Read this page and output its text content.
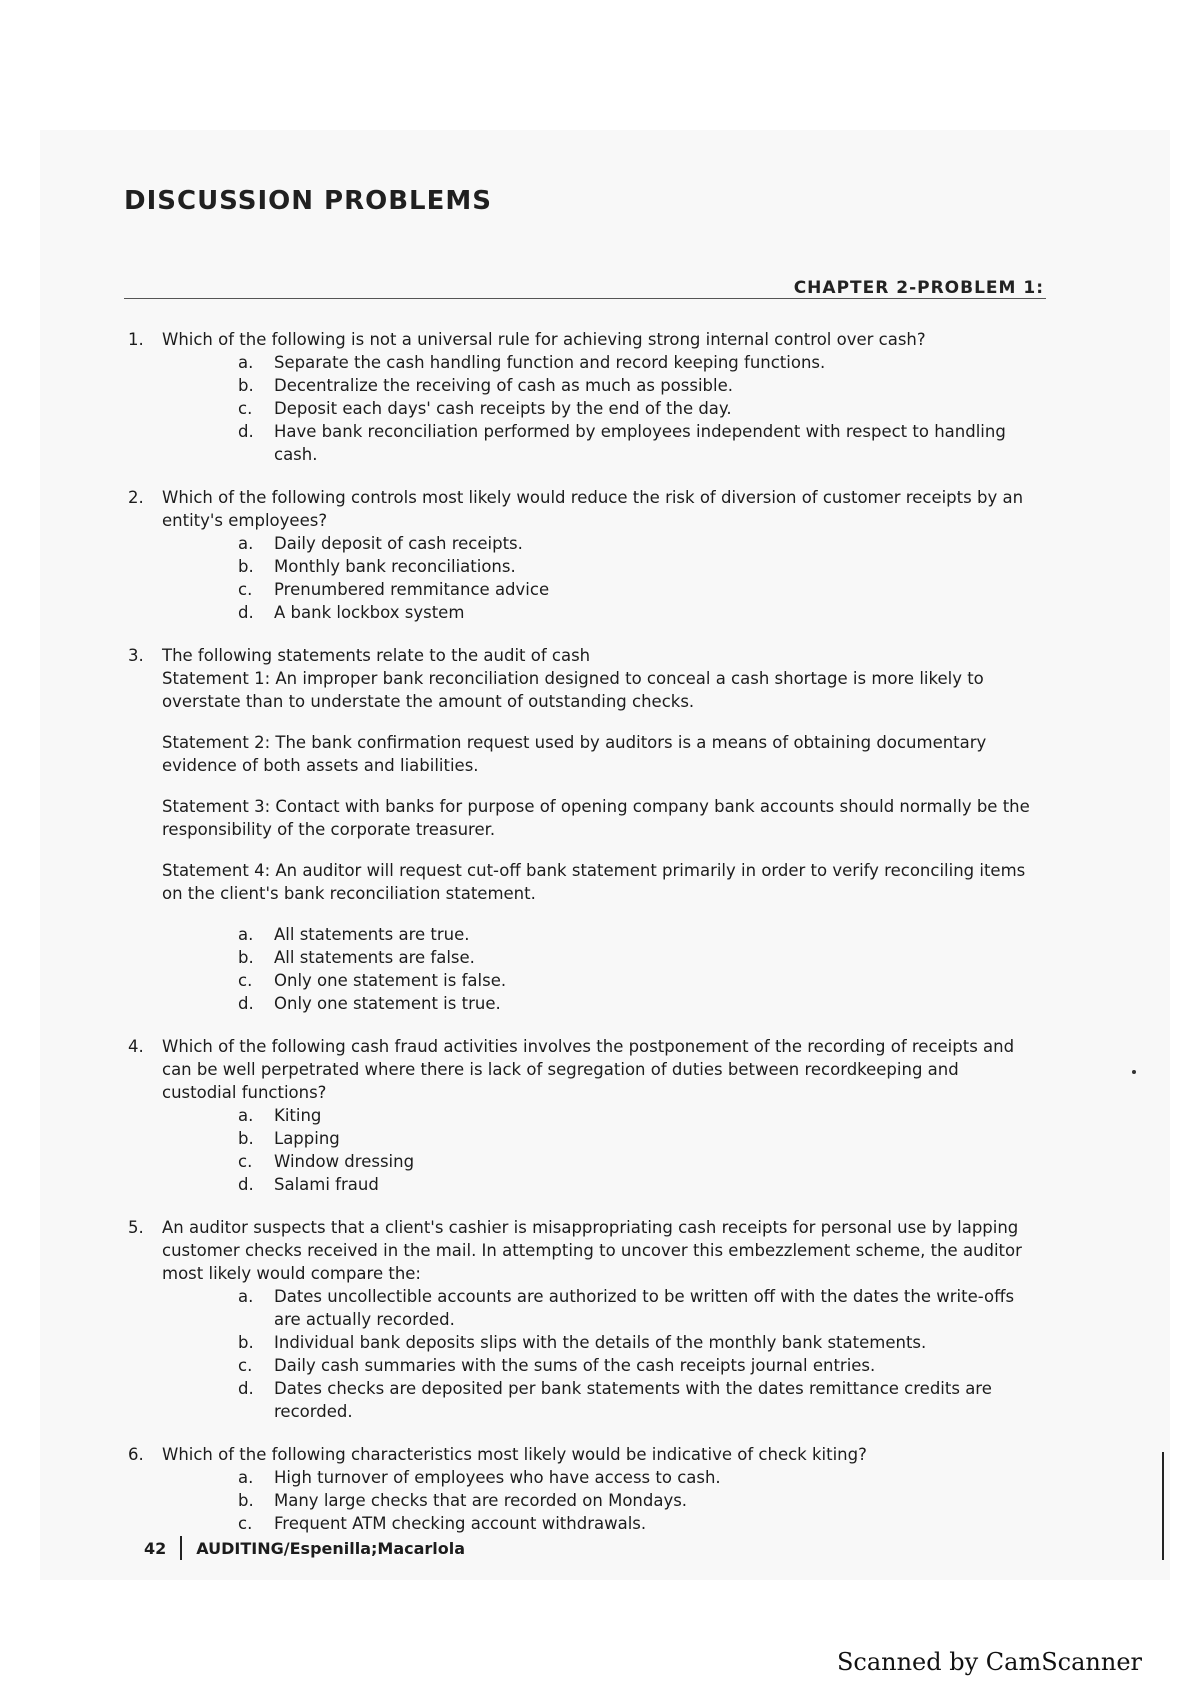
DISCUSSION PROBLEMS
CHAPTER 2-PROBLEM 1:
1. Which of the following is not a universal rule for achieving strong internal control over cash?
a. Separate the cash handling function and record keeping functions.
b. Decentralize the receiving of cash as much as possible.
c. Deposit each days' cash receipts by the end of the day.
d. Have bank reconciliation performed by employees independent with respect to handling cash.
2. Which of the following controls most likely would reduce the risk of diversion of customer receipts by an entity's employees?
a. Daily deposit of cash receipts.
b. Monthly bank reconciliations.
c. Prenumbered remmitance advice
d. A bank lockbox system
3. The following statements relate to the audit of cash
Statement 1: An improper bank reconciliation designed to conceal a cash shortage is more likely to overstate than to understate the amount of outstanding checks.
Statement 2: The bank confirmation request used by auditors is a means of obtaining documentary evidence of both assets and liabilities.
Statement 3: Contact with banks for purpose of opening company bank accounts should normally be the responsibility of the corporate treasurer.
Statement 4: An auditor will request cut-off bank statement primarily in order to verify reconciling items on the client's bank reconciliation statement.
a. All statements are true.
b. All statements are false.
c. Only one statement is false.
d. Only one statement is true.
4. Which of the following cash fraud activities involves the postponement of the recording of receipts and can be well perpetrated where there is lack of segregation of duties between recordkeeping and custodial functions?
a. Kiting
b. Lapping
c. Window dressing
d. Salami fraud
5. An auditor suspects that a client's cashier is misappropriating cash receipts for personal use by lapping customer checks received in the mail. In attempting to uncover this embezzlement scheme, the auditor most likely would compare the:
a. Dates uncollectible accounts are authorized to be written off with the dates the write-offs are actually recorded.
b. Individual bank deposits slips with the details of the monthly bank statements.
c. Daily cash summaries with the sums of the cash receipts journal entries.
d. Dates checks are deposited per bank statements with the dates remittance credits are recorded.
6. Which of the following characteristics most likely would be indicative of check kiting?
a. High turnover of employees who have access to cash.
b. Many large checks that are recorded on Mondays.
c. Frequent ATM checking account withdrawals.
42 AUDITING/Espenilla;Macarlola
Scanned by CamScanner
